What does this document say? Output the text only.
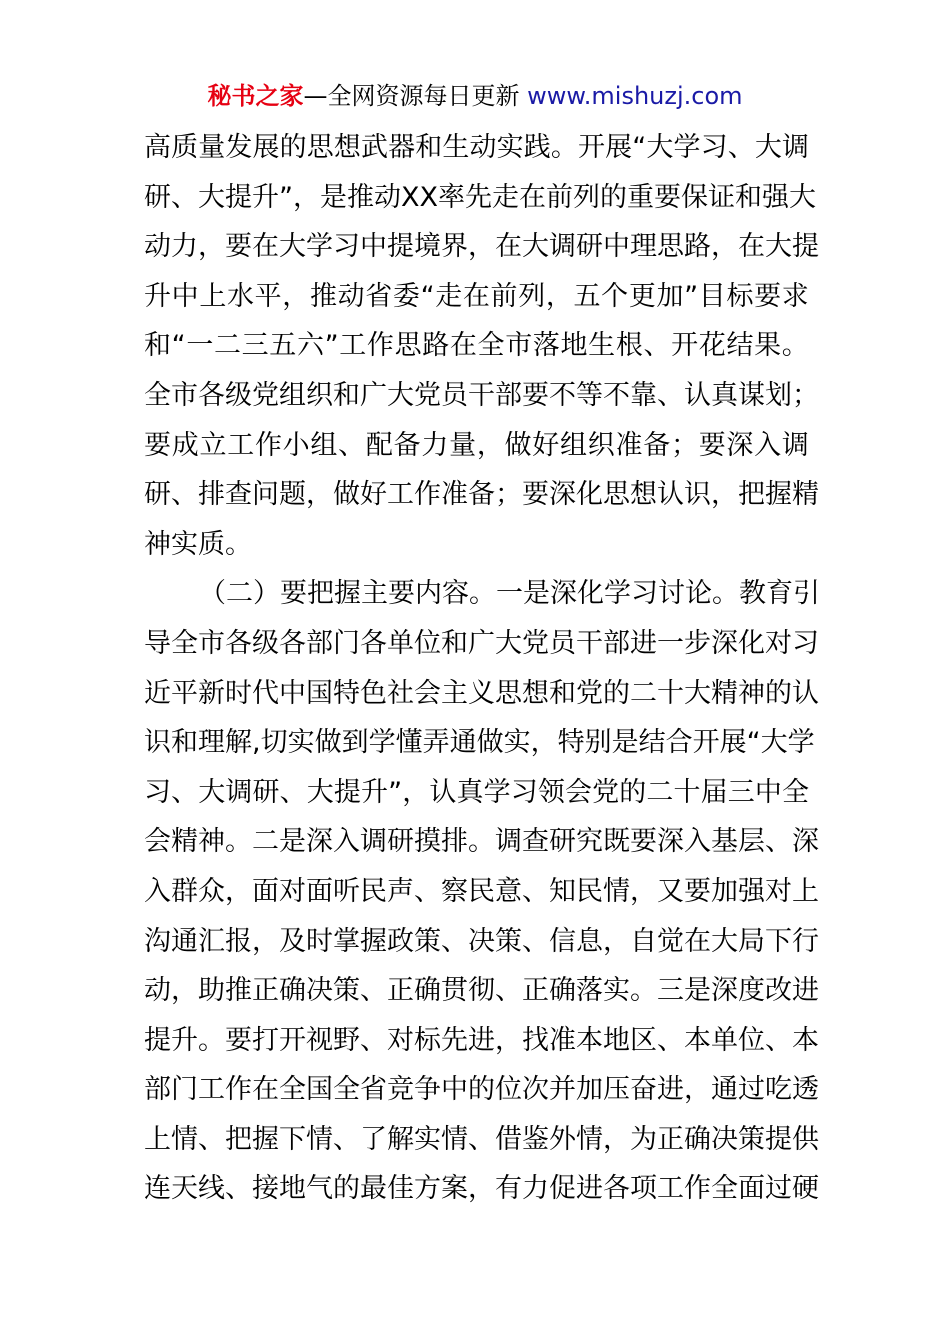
秘书之家—全网资源每日更新 www.mishuzj.com
高 质 量 发 展 的 思 想 武 器 和 生 动 实 践 。 开 展 “ 大 学 习 、 大 调
研 、 大 提 升 ” ， 是 推 动 X X 率 先 走 在 前 列 的 重 要 保 证 和 强 大
动 力 ， 要 在 大 学 习 中 提 境 界 ， 在 大 调 研 中 理 思 路 ， 在 大 提
升 中 上 水 平 ， 推 动 省 委 “ 走 在 前 列 ， 五 个 更 加 ” 目 标 要 求
和 “ 一 二 三 五 六 ” 工 作 思 路 在 全 市 落 地 生 根 、 开 花 结 果 。
全 市 各 级 党 组 织 和 广 大 党 员 干 部 要 不 等 不 靠 、 认 真 谋 划 ；
要 成 立 工 作 小 组 、 配 备 力 量 ， 做 好 组 织 准 备 ； 要 深 入 调
研 、 排 查 问 题 ， 做 好 工 作 准 备 ； 要 深 化 思 想 认 识 ， 把 握 精
神实质。
（ 二 ） 要 把 握 主 要 内 容 。 一 是 深 化 学 习 讨 论 。 教 育 引
导 全 市 各 级 各 部 门 各 单 位 和 广 大 党 员 干 部 进 一 步 深 化 对 习
近 平 新 时 代 中 国 特 色 社 会 主 义 思 想 和 党 的 二 十 大 精 神 的 认
识 和 理 解 , 切 实 做 到 学 懂 弄 通 做 实 ， 特 别 是 结 合 开 展 “ 大 学
习 、 大 调 研 、 大 提 升 ” ， 认 真 学 习 领 会 党 的 二 十 届 三 中 全
会 精 神 。 二 是 深 入 调 研 摸 排 。 调 查 研 究 既 要 深 入 基 层 、 深
入 群 众 ， 面 对 面 听 民 声 、 察 民 意 、 知 民 情 ， 又 要 加 强 对 上
沟 通 汇 报 ， 及 时 掌 握 政 策 、 决 策 、 信 息 ， 自 觉 在 大 局 下 行
动 ， 助 推 正 确 决 策 、 正 确 贯 彻 、 正 确 落 实 。 三 是 深 度 改 进
提 升 。 要 打 开 视 野 、 对 标 先 进 ， 找 准 本 地 区 、 本 单 位 、 本
部 门 工 作 在 全 国 全 省 竞 争 中 的 位 次 并 加 压 奋 进 ， 通 过 吃 透
上 情 、 把 握 下 情 、 了 解 实 情 、 借 鉴 外 情 ， 为 正 确 决 策 提 供
连 天 线 、 接 地 气 的 最 佳 方 案 ， 有 力 促 进 各 项 工 作 全 面 过 硬
